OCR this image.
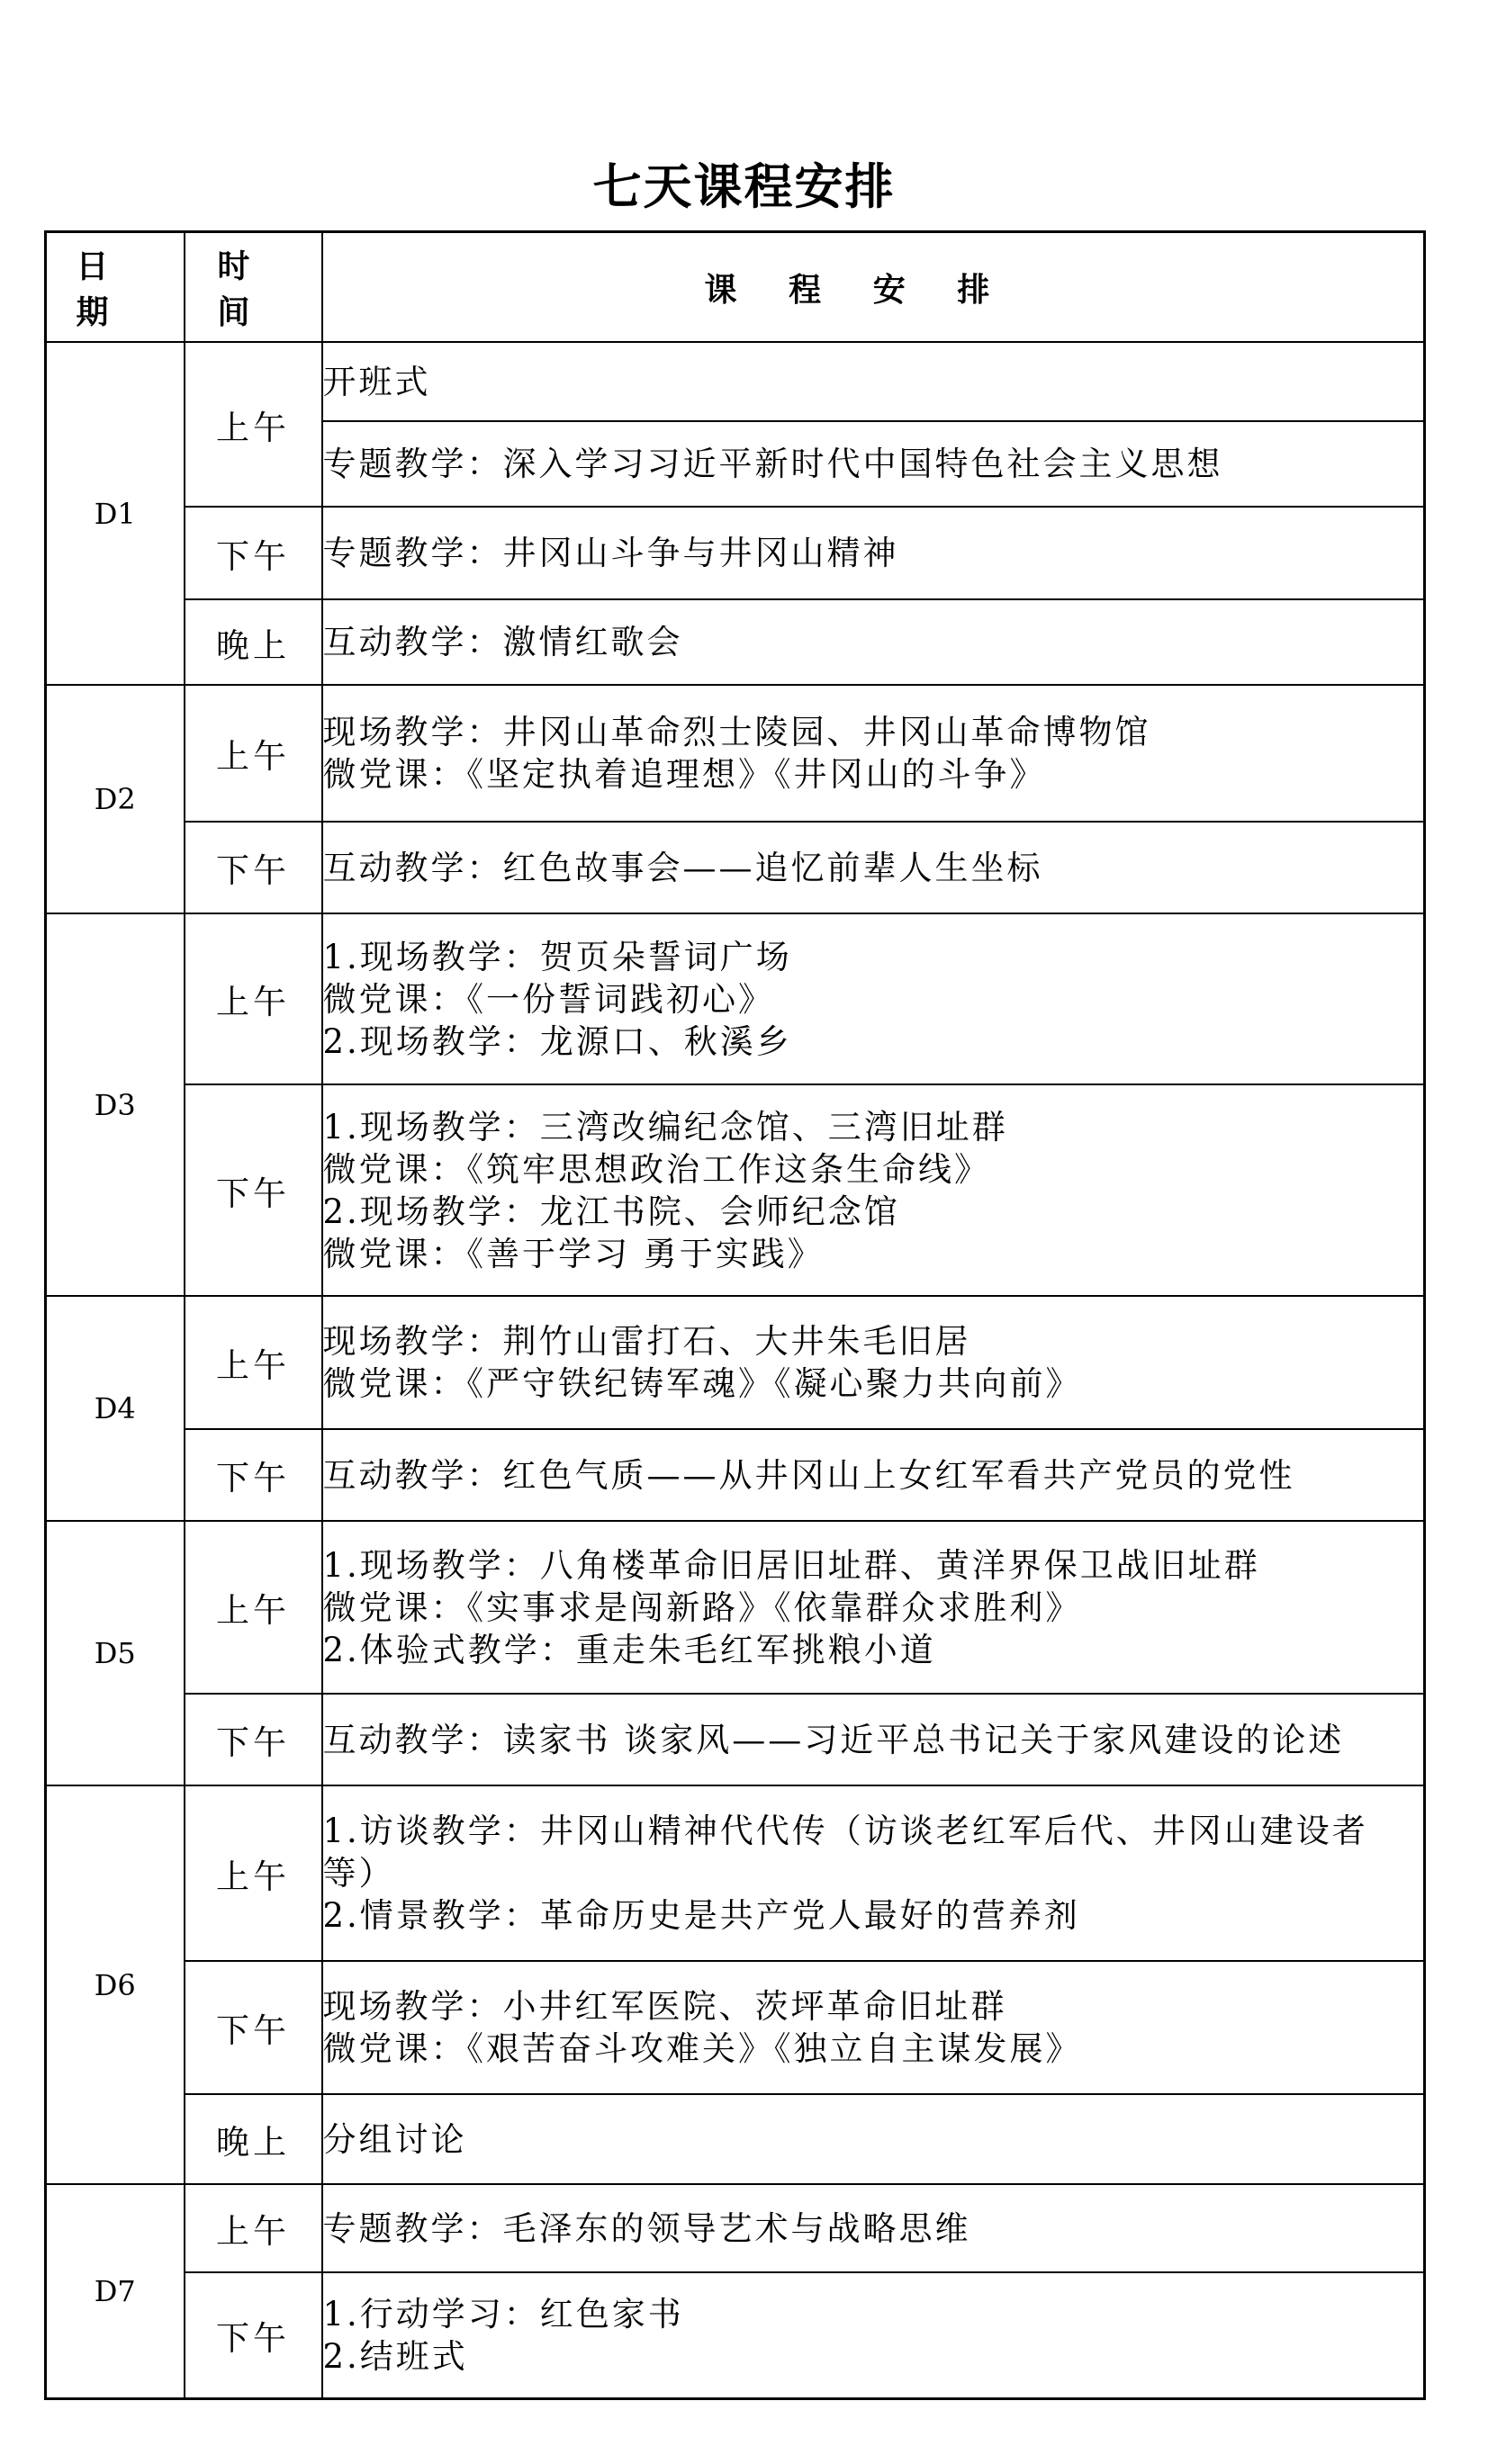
七天课程安排
日期	时间	课程安排
D1	上午	开班式

		专题教学：深入学习习近平新时代中国特色社会主义思想

	下午	专题教学：井冈山斗争与井冈山精神

	晚上	互动教学：激情红歌会

D2	上午	现场教学：井冈山革命烈士陵园、井冈山革命博物馆
微党课：《坚定执着追理想》《井冈山的斗争》

	下午	互动教学：红色故事会——追忆前辈人生坐标

D3	上午	1.现场教学：贺页朵誓词广场
微党课：《一份誓词践初心》
2.现场教学：龙源口、秋溪乡

	下午	1.现场教学：三湾改编纪念馆、三湾旧址群
微党课：《筑牢思想政治工作这条生命线》
2.现场教学：龙江书院、会师纪念馆
微党课：《善于学习 勇于实践》

D4	上午	现场教学：荆竹山雷打石、大井朱毛旧居
微党课：《严守铁纪铸军魂》《凝心聚力共向前》

	下午	互动教学：红色气质——从井冈山上女红军看共产党员的党性

D5	上午	1.现场教学：八角楼革命旧居旧址群、黄洋界保卫战旧址群
微党课：《实事求是闯新路》《依靠群众求胜利》
2.体验式教学：重走朱毛红军挑粮小道

	下午	互动教学：读家书 谈家风——习近平总书记关于家风建设的论述

D6	上午	1.访谈教学：井冈山精神代代传（访谈老红军后代、井冈山建设者等）
2.情景教学：革命历史是共产党人最好的营养剂

	下午	现场教学：小井红军医院、茨坪革命旧址群
微党课：《艰苦奋斗攻难关》《独立自主谋发展》

	晚上	分组讨论

D7	上午	专题教学：毛泽东的领导艺术与战略思维

	下午	1.行动学习：红色家书
2.结班式
